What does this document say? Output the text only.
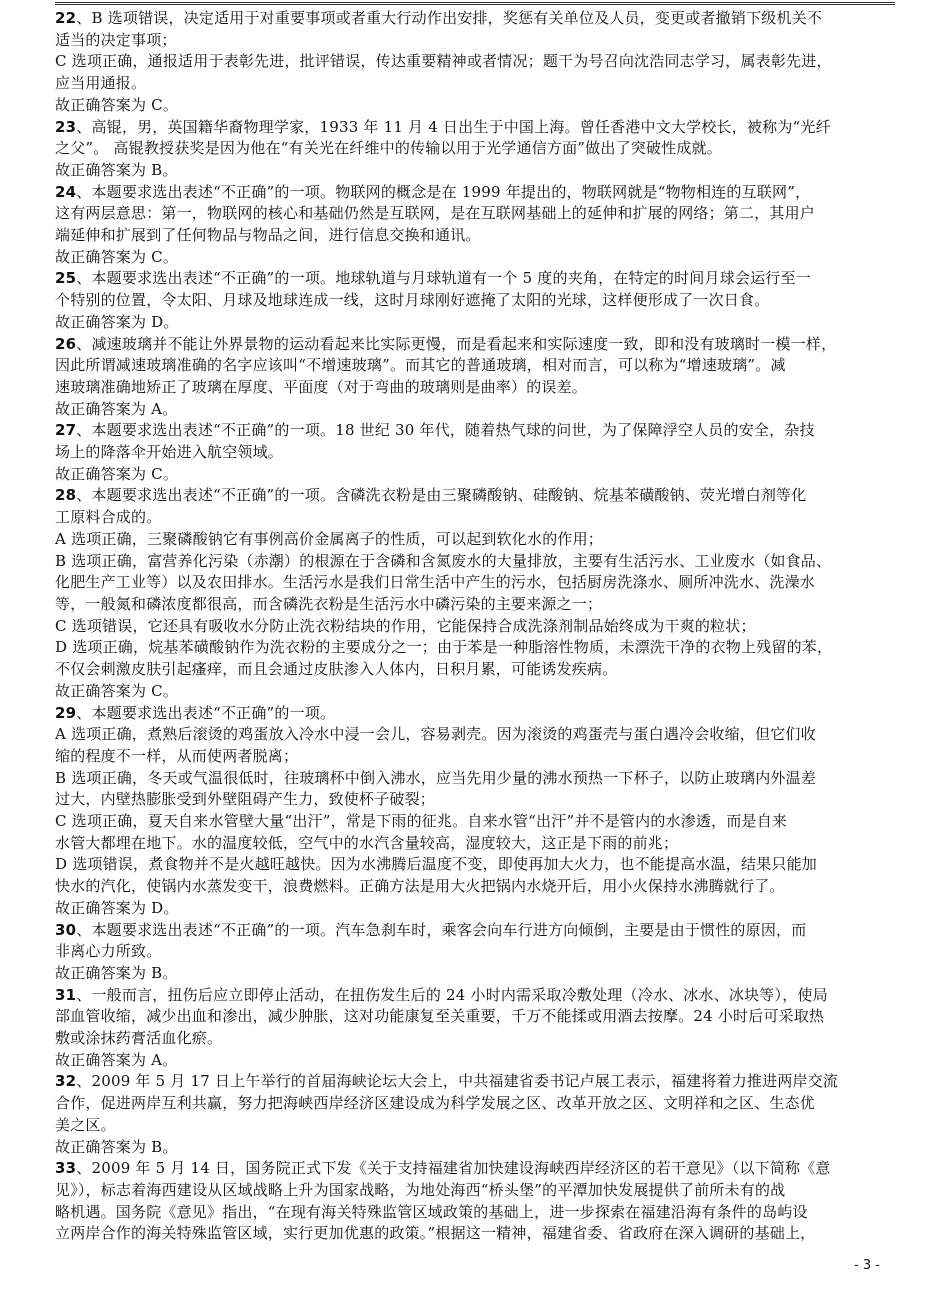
22、B 选项错误，决定适用于对重要事项或者重大行动作出安排，奖惩有关单位及人员，变更或者撤销下级机关不
适当的决定事项；
C 选项正确，通报适用于表彰先进，批评错误，传达重要精神或者情况；题干为号召向沈浩同志学习，属表彰先进，
应当用通报。
故正确答案为 C。
23、高锟，男，英国籍华裔物理学家，1933 年 11 月 4 日出生于中国上海。曾任香港中文大学校长，被称为“光纤
之父”。 高锟教授获奖是因为他在“有关光在纤维中的传输以用于光学通信方面”做出了突破性成就。
故正确答案为 B。
24、本题要求选出表述“不正确”的一项。物联网的概念是在 1999 年提出的，物联网就是“物物相连的互联网”，
这有两层意思：第一，物联网的核心和基础仍然是互联网，是在互联网基础上的延伸和扩展的网络；第二，其用户
端延伸和扩展到了任何物品与物品之间，进行信息交换和通讯。
故正确答案为 C。
25、本题要求选出表述“不正确”的一项。地球轨道与月球轨道有一个 5 度的夹角，在特定的时间月球会运行至一
个特别的位置，令太阳、月球及地球连成一线，这时月球刚好遮掩了太阳的光球，这样便形成了一次日食。
故正确答案为 D。
26、减速玻璃并不能让外界景物的运动看起来比实际更慢，而是看起来和实际速度一致，即和没有玻璃时一模一样，
因此所谓减速玻璃准确的名字应该叫“不增速玻璃”。而其它的普通玻璃，相对而言，可以称为“增速玻璃”。减
速玻璃准确地矫正了玻璃在厚度、平面度（对于弯曲的玻璃则是曲率）的误差。
故正确答案为 A。
27、本题要求选出表述“不正确”的一项。18 世纪 30 年代，随着热气球的问世，为了保障浮空人员的安全，杂技
场上的降落伞开始进入航空领域。
故正确答案为 C。
28、本题要求选出表述“不正确”的一项。含磷洗衣粉是由三聚磷酸钠、硅酸钠、烷基苯磺酸钠、荧光增白剂等化
工原料合成的。
A 选项正确，三聚磷酸钠它有事例高价金属离子的性质，可以起到软化水的作用；
B 选项正确，富营养化污染（赤潮）的根源在于含磷和含氮废水的大量排放，主要有生活污水、工业废水（如食品、
化肥生产工业等）以及农田排水。生活污水是我们日常生活中产生的污水，包括厨房洗涤水、厕所冲洗水、洗澡水
等，一般氮和磷浓度都很高，而含磷洗衣粉是生活污水中磷污染的主要来源之一；
C 选项错误，它还具有吸收水分防止洗衣粉结块的作用，它能保持合成洗涤剂制品始终成为干爽的粒状；
D 选项正确，烷基苯磺酸钠作为洗衣粉的主要成分之一；由于苯是一种脂溶性物质，未漂洗干净的衣物上残留的苯，
不仅会刺激皮肤引起瘙痒，而且会通过皮肤渗入人体内，日积月累，可能诱发疾病。
故正确答案为 C。
29、本题要求选出表述“不正确”的一项。
A 选项正确，煮熟后滚烫的鸡蛋放入冷水中浸一会儿，容易剥壳。因为滚烫的鸡蛋壳与蛋白遇冷会收缩，但它们收
缩的程度不一样，从而使两者脱离；
B 选项正确，冬天或气温很低时，往玻璃杯中倒入沸水，应当先用少量的沸水预热一下杯子，以防止玻璃内外温差
过大，内壁热膨胀受到外壁阻碍产生力，致使杯子破裂；
C 选项正确，夏天自来水管壁大量“出汗”，常是下雨的征兆。自来水管“出汗”并不是管内的水渗透，而是自来
水管大都埋在地下。水的温度较低，空气中的水汽含量较高，湿度较大，这正是下雨的前兆；
D 选项错误，煮食物并不是火越旺越快。因为水沸腾后温度不变，即使再加大火力，也不能提高水温，结果只能加
快水的汽化，使锅内水蒸发变干，浪费燃料。正确方法是用大火把锅内水烧开后，用小火保持水沸腾就行了。
故正确答案为 D。
30、本题要求选出表述“不正确”的一项。汽车急刹车时，乘客会向车行进方向倾倒，主要是由于惯性的原因，而
非离心力所致。
故正确答案为 B。
31、一般而言，扭伤后应立即停止活动，在扭伤发生后的 24 小时内需采取冷敷处理（冷水、冰水、冰块等），使局
部血管收缩，减少出血和渗出，减少肿胀，这对功能康复至关重要，千万不能揉或用酒去按摩。24 小时后可采取热
敷或涂抹药膏活血化瘀。
故正确答案为 A。
32、2009 年 5 月 17 日上午举行的首届海峡论坛大会上，中共福建省委书记卢展工表示，福建将着力推进两岸交流
合作，促进两岸互利共赢，努力把海峡西岸经济区建设成为科学发展之区、改革开放之区、文明祥和之区、生态优
美之区。
故正确答案为 B。
33、2009 年 5 月 14 日，国务院正式下发《关于支持福建省加快建设海峡西岸经济区的若干意见》（以下简称《意
见》），标志着海西建设从区域战略上升为国家战略，为地处海西“桥头堡”的平潭加快发展提供了前所未有的战
略机遇。国务院《意见》指出，“在现有海关特殊监管区域政策的基础上，进一步探索在福建沿海有条件的岛屿设
立两岸合作的海关特殊监管区域，实行更加优惠的政策。”根据这一精神，福建省委、省政府在深入调研的基础上，
- 3 -
